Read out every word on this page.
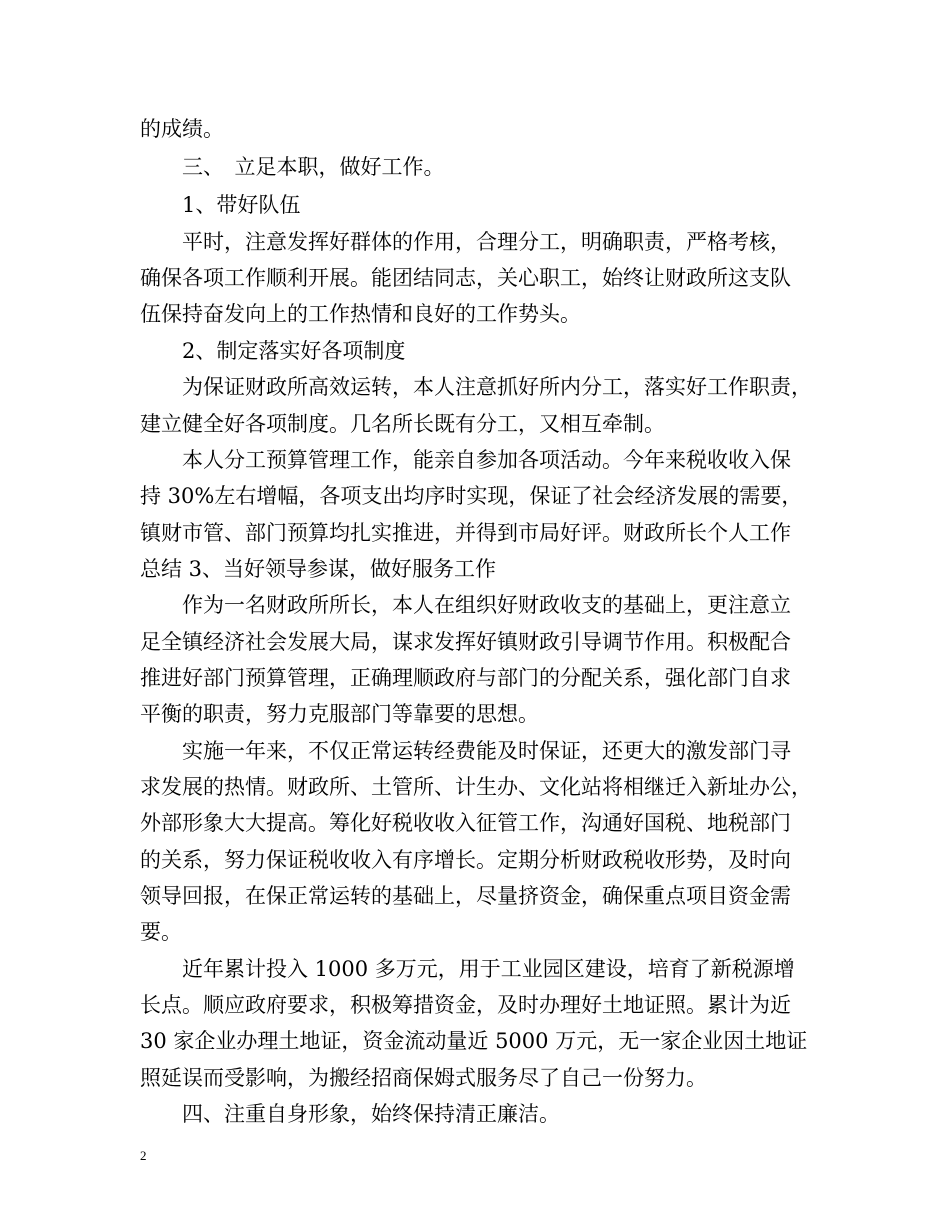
的成绩。
三、　立足本职，做好工作。
1、带好队伍
平时，注意发挥好群体的作用，合理分工，明确职责，严格考核，
确保各项工作顺利开展。能团结同志，关心职工，始终让财政所这支队
伍保持奋发向上的工作热情和良好的工作势头。
2、制定落实好各项制度
为保证财政所高效运转，本人注意抓好所内分工，落实好工作职责，
建立健全好各项制度。几名所长既有分工，又相互牵制。
本人分工预算管理工作，能亲自参加各项活动。今年来税收收入保
持 30%左右增幅，各项支出均序时实现，保证了社会经济发展的需要，
镇财市管、部门预算均扎实推进，并得到市局好评。财政所长个人工作
总结 3、当好领导参谋，做好服务工作
作为一名财政所所长，本人在组织好财政收支的基础上，更注意立
足全镇经济社会发展大局，谋求发挥好镇财政引导调节作用。积极配合
推进好部门预算管理，正确理顺政府与部门的分配关系，强化部门自求
平衡的职责，努力克服部门等靠要的思想。
实施一年来，不仅正常运转经费能及时保证，还更大的激发部门寻
求发展的热情。财政所、土管所、计生办、文化站将相继迁入新址办公，
外部形象大大提高。筹化好税收收入征管工作，沟通好国税、地税部门
的关系，努力保证税收收入有序增长。定期分析财政税收形势，及时向
领导回报，在保正常运转的基础上，尽量挤资金，确保重点项目资金需
要。
近年累计投入 1000 多万元，用于工业园区建设，培育了新税源增
长点。顺应政府要求，积极筹措资金，及时办理好土地证照。累计为近
30 家企业办理土地证，资金流动量近 5000 万元，无一家企业因土地证
照延误而受影响，为搬经招商保姆式服务尽了自己一份努力。
四、注重自身形象，始终保持清正廉洁。
2
